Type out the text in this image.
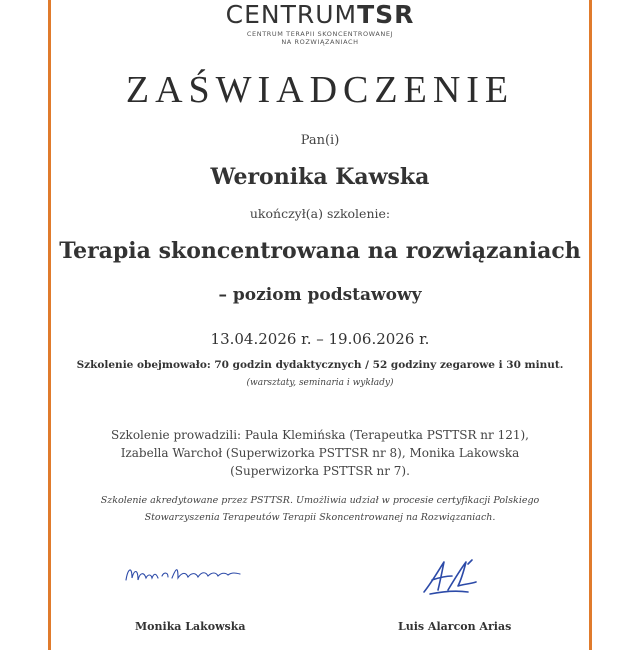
CENTRUMTSR
CENTRUM TERAPII SKONCENTROWANEJ
NA ROZWIĄZANIACH
ZAŚWIADCZENIE
Pan(i)
Weronika Kawska
ukończył(a) szkolenie:
Terapia skoncentrowana na rozwiązaniach
– poziom podstawowy
13.04.2026 r. – 19.06.2026 r.
Szkolenie obejmowało: 70 godzin dydaktycznych / 52 godziny zegarowe i 30 minut.
(warsztaty, seminaria i wykłady)
Szkolenie prowadzili: Paula Klemińska (Terapeutka PSTTSR nr 121),
Izabella Warchoł (Superwizorka PSTTSR nr 8), Monika Lakowska
(Superwizorka PSTTSR nr 7).
Szkolenie akredytowane przez PSTTSR. Umożliwia udział w procesie certyfikacji Polskiego
Stowarzyszenia Terapeutów Terapii Skoncentrowanej na Rozwiązaniach.
Monika Lakowska	Luis Alarcon Arias
